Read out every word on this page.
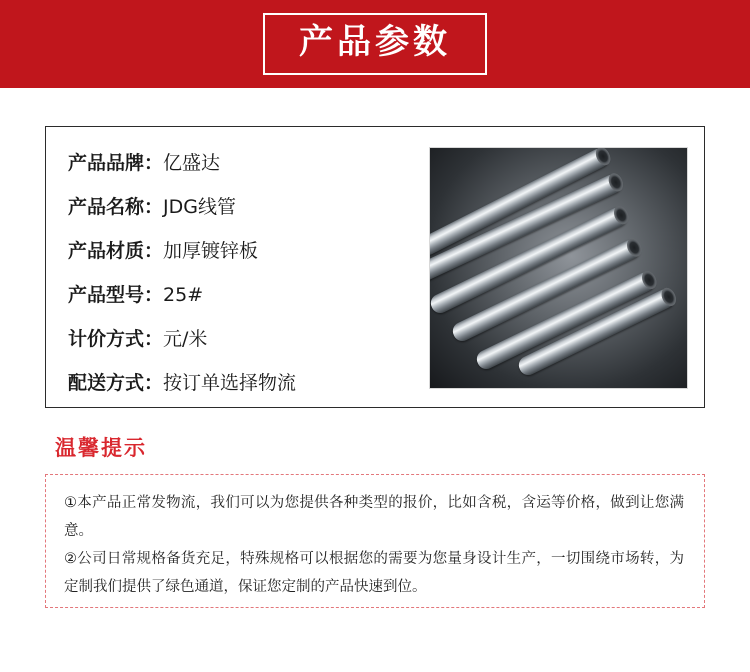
产品参数
产品品牌：亿盛达
产品名称：JDG线管
产品材质：加厚镀锌板
产品型号：25#
计价方式：元/米
配送方式：按订单选择物流
温馨提示
①本产品正常发物流，我们可以为您提供各种类型的报价，比如含税，含运等价格，做到让您满意。
②公司日常规格备货充足，特殊规格可以根据您的需要为您量身设计生产，一切围绕市场转，为定制我们提供了绿色通道，保证您定制的产品快速到位。
